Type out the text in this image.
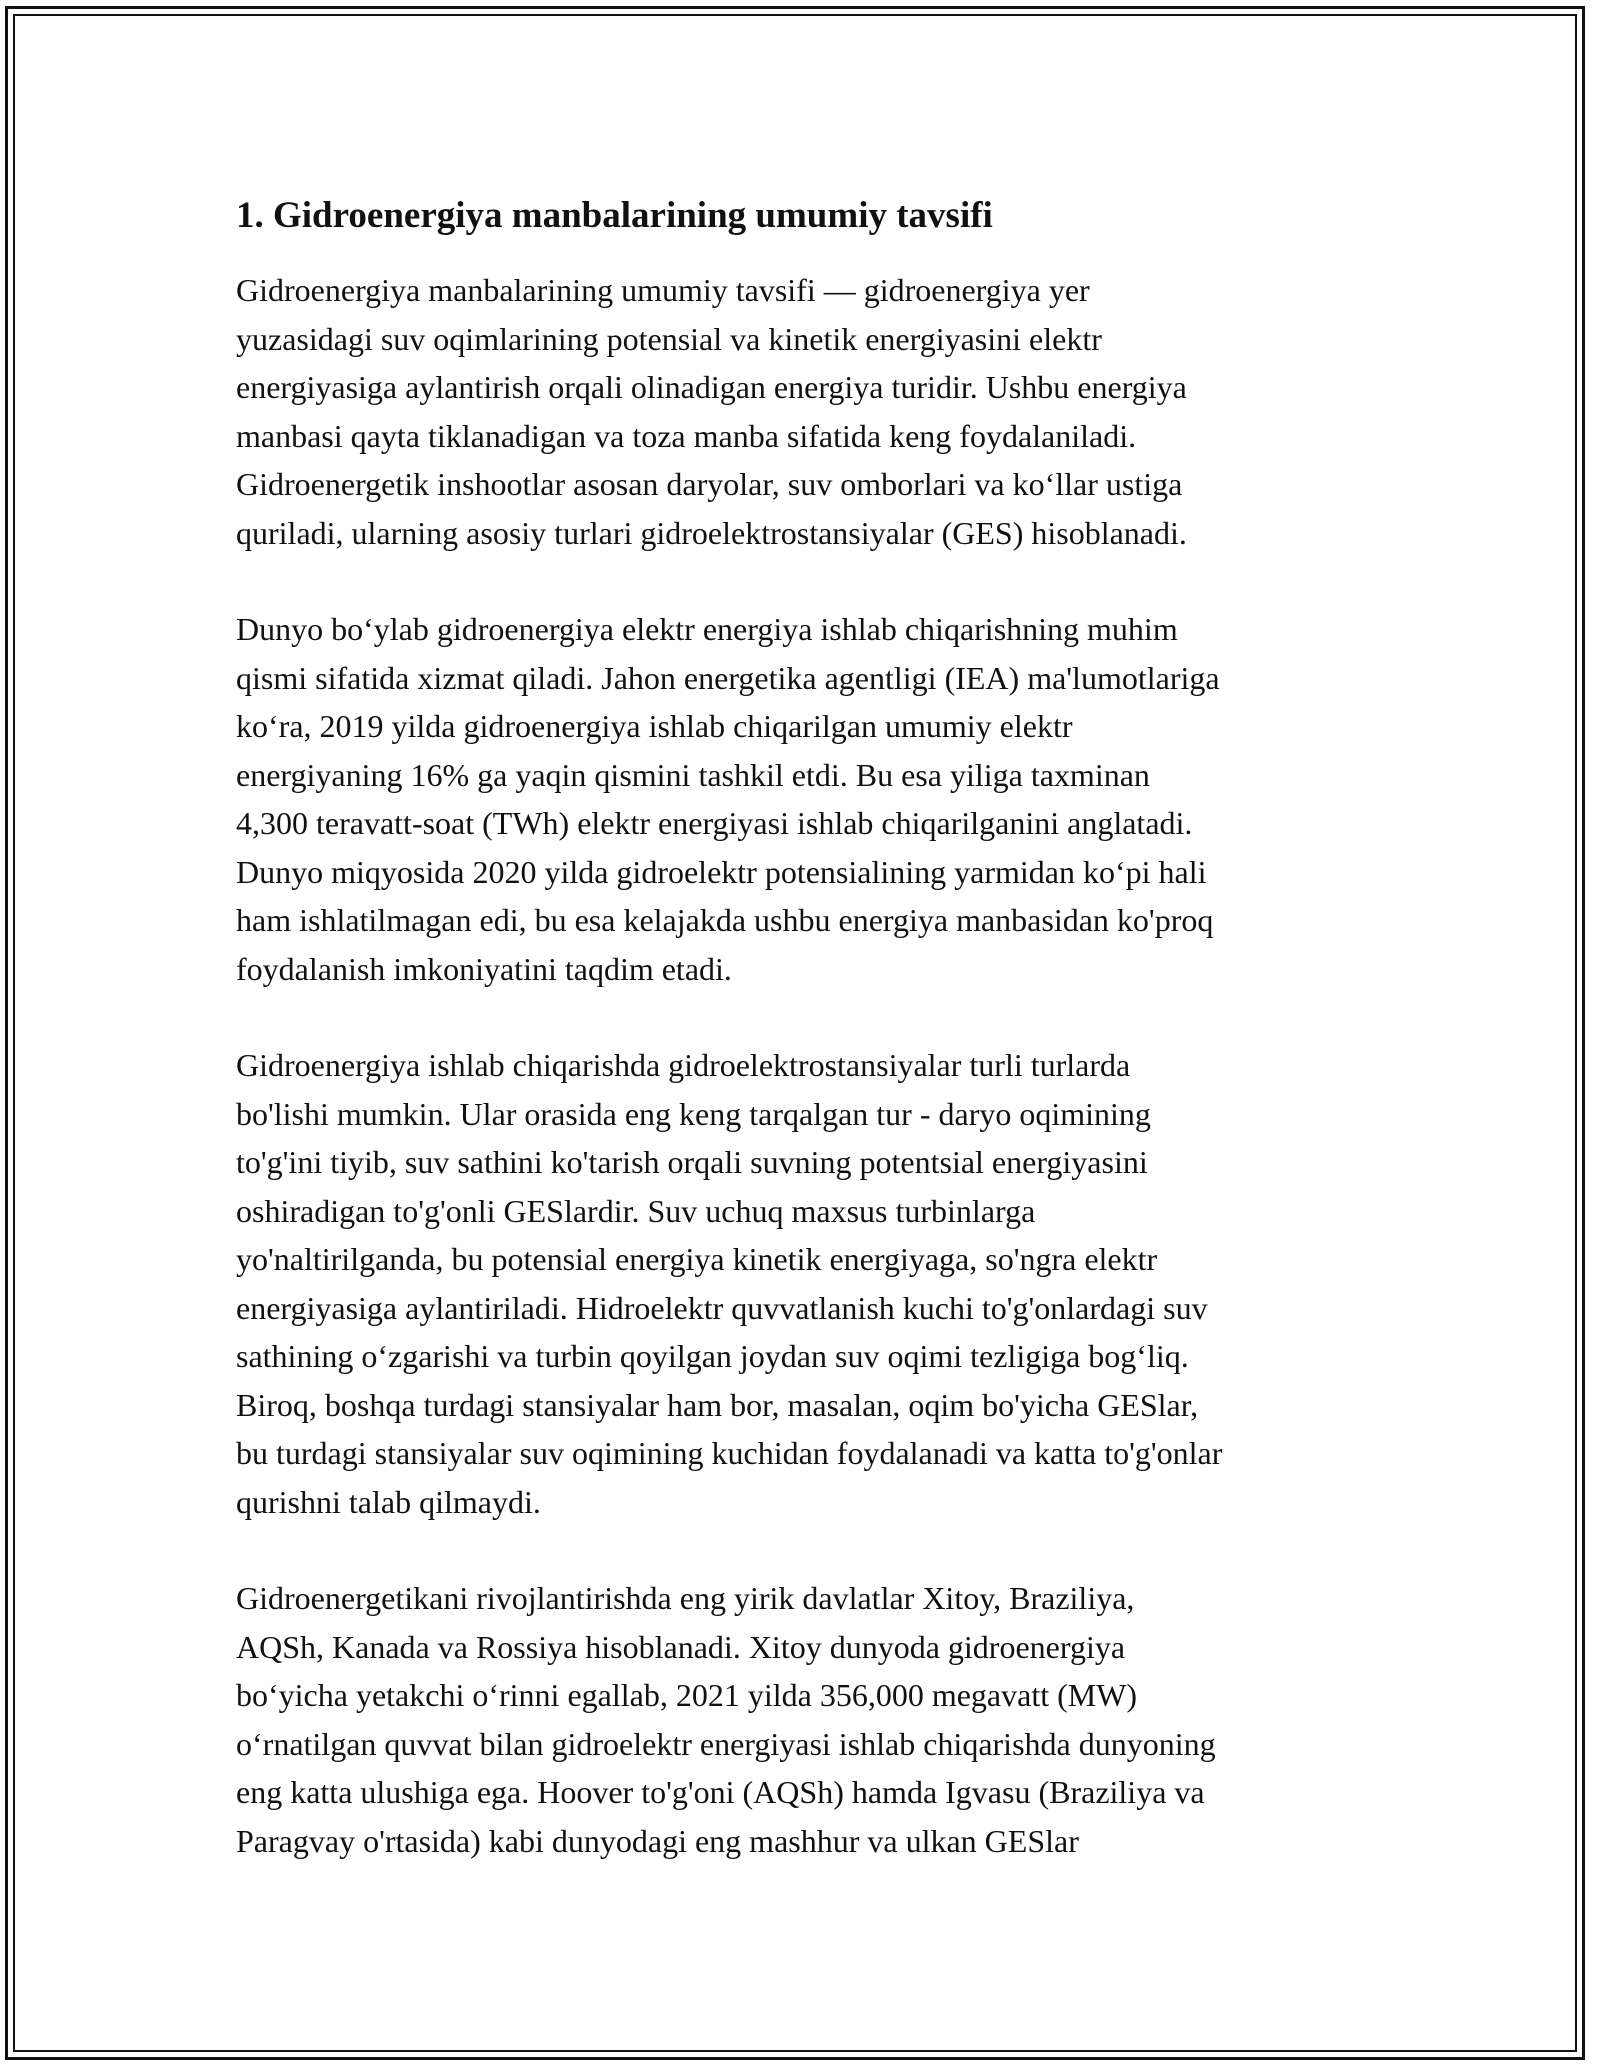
1. Gidroenergiya manbalarining umumiy tavsifi

Gidroenergiya manbalarining umumiy tavsifi — gidroenergiya yer
yuzasidagi suv oqimlarining potensial va kinetik energiyasini elektr
energiyasiga aylantirish orqali olinadigan energiya turidir. Ushbu energiya
manbasi qayta tiklanadigan va toza manba sifatida keng foydalaniladi.
Gidroenergetik inshootlar asosan daryolar, suv omborlari va ko‘llar ustiga
quriladi, ularning asosiy turlari gidroelektrostansiyalar (GES) hisoblanadi.

Dunyo bo‘ylab gidroenergiya elektr energiya ishlab chiqarishning muhim
qismi sifatida xizmat qiladi. Jahon energetika agentligi (IEA) ma'lumotlariga
ko‘ra, 2019 yilda gidroenergiya ishlab chiqarilgan umumiy elektr
energiyaning 16% ga yaqin qismini tashkil etdi. Bu esa yiliga taxminan
4,300 teravatt-soat (TWh) elektr energiyasi ishlab chiqarilganini anglatadi.
Dunyo miqyosida 2020 yilda gidroelektr potensialining yarmidan ko‘pi hali
ham ishlatilmagan edi, bu esa kelajakda ushbu energiya manbasidan ko'proq
foydalanish imkoniyatini taqdim etadi.

Gidroenergiya ishlab chiqarishda gidroelektrostansiyalar turli turlarda
bo'lishi mumkin. Ular orasida eng keng tarqalgan tur - daryo oqimining
to'g'ini tiyib, suv sathini ko'tarish orqali suvning potentsial energiyasini
oshiradigan to'g'onli GESlardir. Suv uchuq maxsus turbinlarga
yo'naltirilganda, bu potensial energiya kinetik energiyaga, so'ngra elektr
energiyasiga aylantiriladi. Hidroelektr quvvatlanish kuchi to'g'onlardagi suv
sathining o‘zgarishi va turbin qoyilgan joydan suv oqimi tezligiga bog‘liq.
Biroq, boshqa turdagi stansiyalar ham bor, masalan, oqim bo'yicha GESlar,
bu turdagi stansiyalar suv oqimining kuchidan foydalanadi va katta to'g'onlar
qurishni talab qilmaydi.

Gidroenergetikani rivojlantirishda eng yirik davlatlar Xitoy, Braziliya,
AQSh, Kanada va Rossiya hisoblanadi. Xitoy dunyoda gidroenergiya
bo‘yicha yetakchi o‘rinni egallab, 2021 yilda 356,000 megavatt (MW)
o‘rnatilgan quvvat bilan gidroelektr energiyasi ishlab chiqarishda dunyoning
eng katta ulushiga ega. Hoover to'g'oni (AQSh) hamda Igvasu (Braziliya va
Paragvay o'rtasida) kabi dunyodagi eng mashhur va ulkan GESlar
